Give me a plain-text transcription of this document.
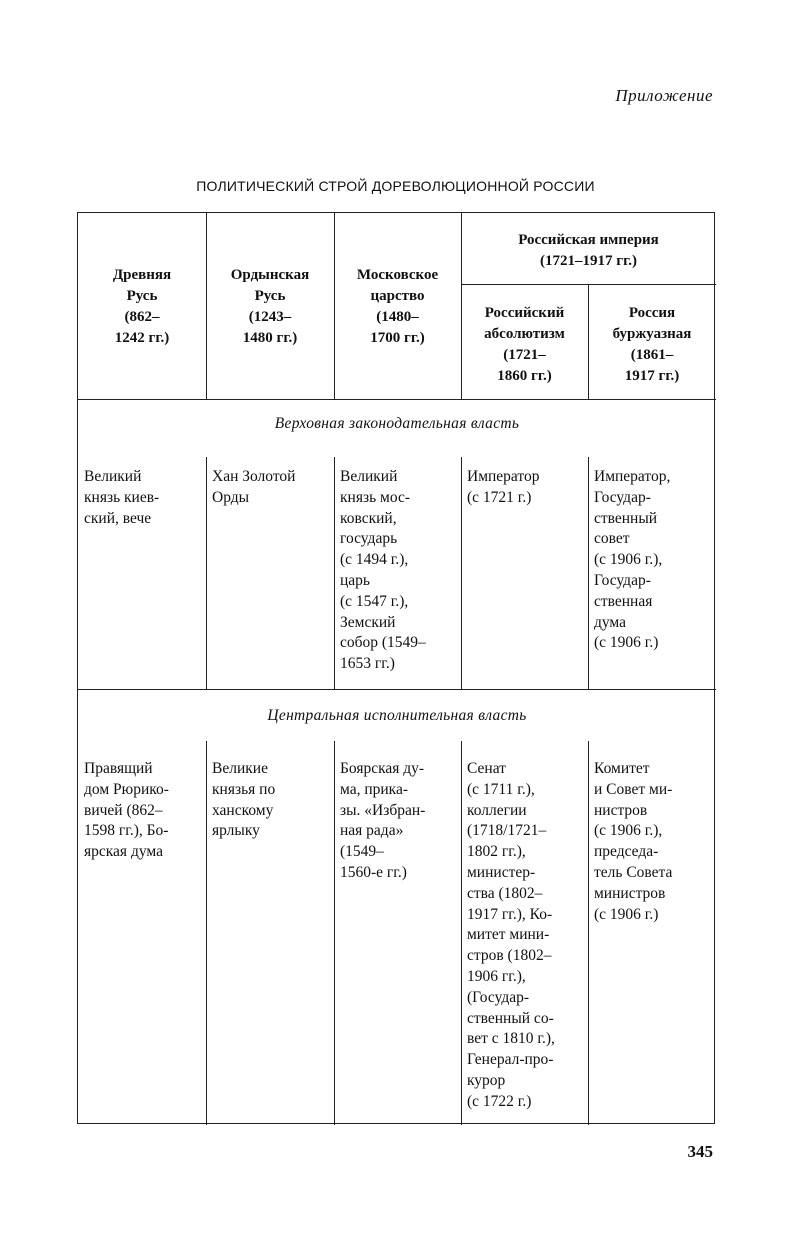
Приложение
ПОЛИТИЧЕСКИЙ СТРОЙ ДОРЕВОЛЮЦИОННОЙ РОССИИ
Древняя
Русь
(862–
1242 гг.)
Ордынская
Русь
(1243–
1480 гг.)
Московское
царство
(1480–
1700 гг.)
Российская империя
(1721–1917 гг.)
Российский
абсолютизм
(1721–
1860 гг.)
Россия
буржуазная
(1861–
1917 гг.)
Верховная законодательная власть
Великий
князь киев-
ский, вече
Хан Золотой
Орды
Великий
князь мос-
ковский,
государь
(с 1494 г.),
царь
(с 1547 г.),
Земский
собор (1549–
1653 гг.)
Император
(с 1721 г.)
Император,
Государ-
ственный
совет
(с 1906 г.),
Государ-
ственная
дума
(с 1906 г.)
Центральная исполнительная власть
Правящий
дом Рюрико-
вичей (862–
1598 гг.), Бо-
ярская дума
Великие
князья по
ханскому
ярлыку
Боярская ду-
ма, прика-
зы. «Избран-
ная рада»
(1549–
1560-е гг.)
Сенат
(с 1711 г.),
коллегии
(1718/1721–
1802 гг.),
министер-
ства (1802–
1917 гг.), Ко-
митет мини-
стров (1802–
1906 гг.),
(Государ-
ственный со-
вет с 1810 г.),
Генерал-про-
курор
(с 1722 г.)
Комитет
и Совет ми-
нистров
(с 1906 г.),
председа-
тель Совета
министров
(с 1906 г.)
345
